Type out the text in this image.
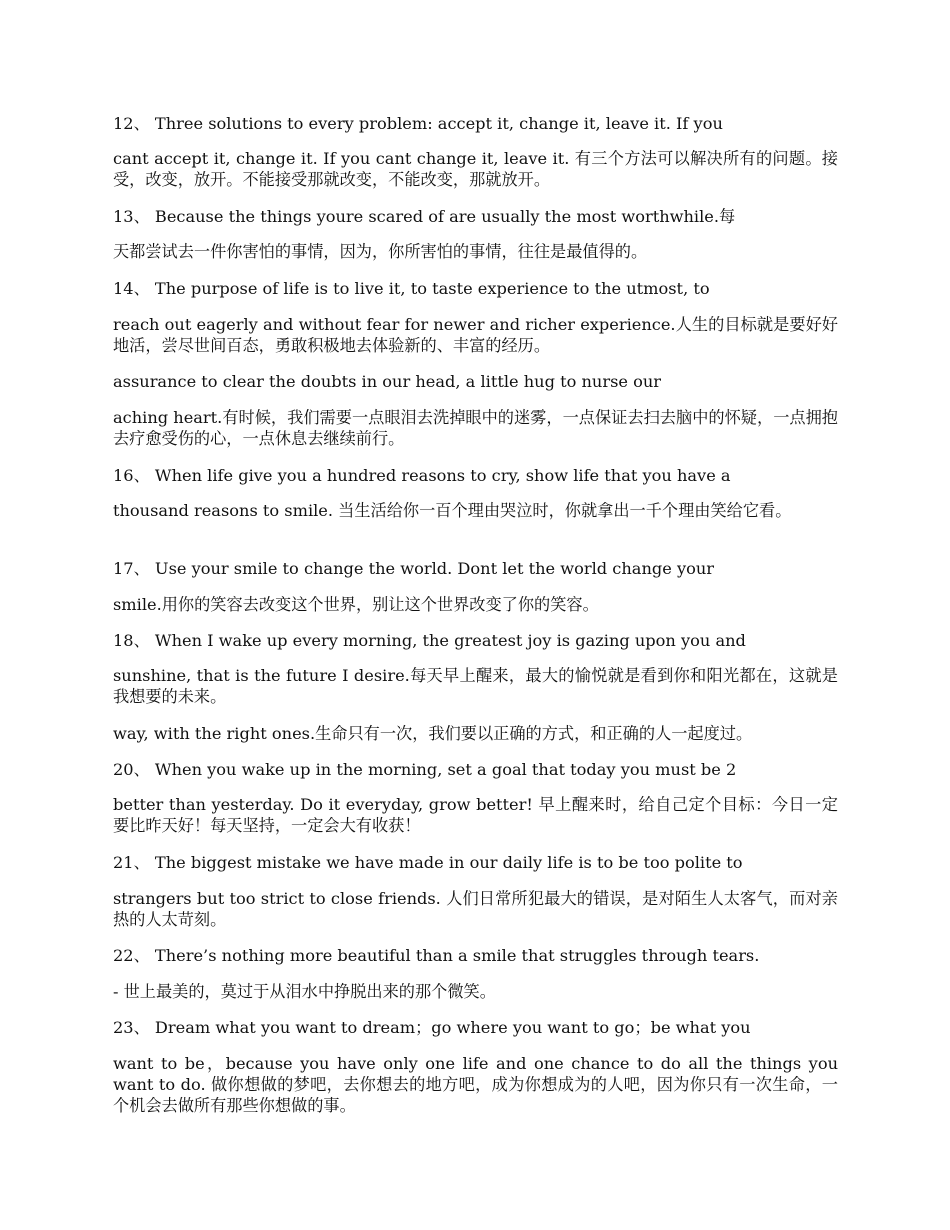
12、 Three solutions to every problem: accept it, change it, leave it. If you

cant accept it, change it. If you cant change it, leave it. 有三个方法可以解决所有的问题。接受，改变，放开。不能接受那就改变，不能改变，那就放开。

13、 Because the things youre scared of are usually the most worthwhile.每

天都尝试去一件你害怕的事情，因为，你所害怕的事情，往往是最值得的。

14、 The purpose of life is to live it, to taste experience to the utmost, to

reach out eagerly and without fear for newer and richer experience.人生的目标就是要好好地活，尝尽世间百态，勇敢积极地去体验新的、丰富的经历。

assurance to clear the doubts in our head, a little hug to nurse our

aching heart.有时候，我们需要一点眼泪去洗掉眼中的迷雾，一点保证去扫去脑中的怀疑，一点拥抱去疗愈受伤的心，一点休息去继续前行。

16、 When life give you a hundred reasons to cry, show life that you have a

thousand reasons to smile. 当生活给你一百个理由哭泣时，你就拿出一千个理由笑给它看。

17、 Use your smile to change the world. Dont let the world change your

smile.用你的笑容去改变这个世界，别让这个世界改变了你的笑容。

18、 When I wake up every morning, the greatest joy is gazing upon you and

sunshine, that is the future I desire.每天早上醒来，最大的愉悦就是看到你和阳光都在，这就是我想要的未来。

way, with the right ones.生命只有一次，我们要以正确的方式，和正确的人一起度过。

20、 When you wake up in the morning, set a goal that today you must be 2

better than yesterday. Do it everyday, grow better! 早上醒来时，给自己定个目标：今日一定要比昨天好！每天坚持，一定会大有收获！

21、 The biggest mistake we have made in our daily life is to be too polite to

strangers but too strict to close friends. 人们日常所犯最大的错误，是对陌生人太客气，而对亲热的人太苛刻。

22、 There’s nothing more beautiful than a smile that struggles through tears.

- 世上最美的，莫过于从泪水中挣脱出来的那个微笑。

23、 Dream what you want to dream；go where you want to go；be what you

want to be，because you have only one life and one chance to do all the things you want to do. 做你想做的梦吧，去你想去的地方吧，成为你想成为的人吧，因为你只有一次生命，一个机会去做所有那些你想做的事。
